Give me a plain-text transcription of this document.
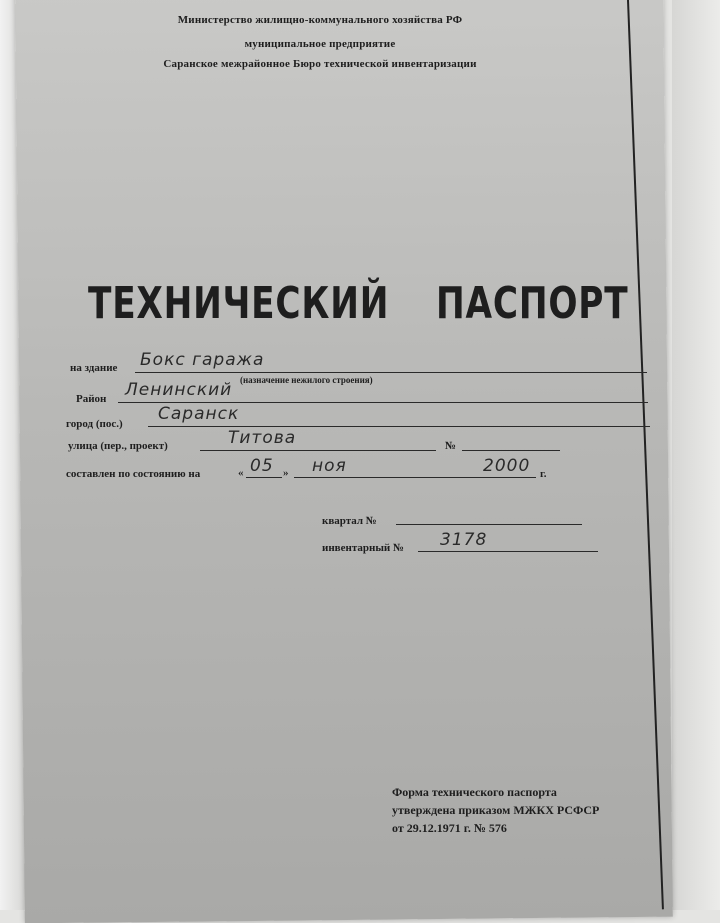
Министерство жилищно-коммунального хозяйства РФ
муниципальное предприятие
Саранское межрайонное Бюро технической инвентаризации
ТЕХНИЧЕСКИЙ ПАСПОРТ
на здание Бокс гаража
(назначение нежилого строения)
Район Ленинский
город (пос.) Саранск
улица (пер., проект)	Титова	№
составлен по состоянию на	« 05 » ноя	2000 г.
квартал №
инвентарный № 3178
Форма технического паспорта
утверждена приказом МЖКХ РСФСР
от 29.12.1971 г. № 576
